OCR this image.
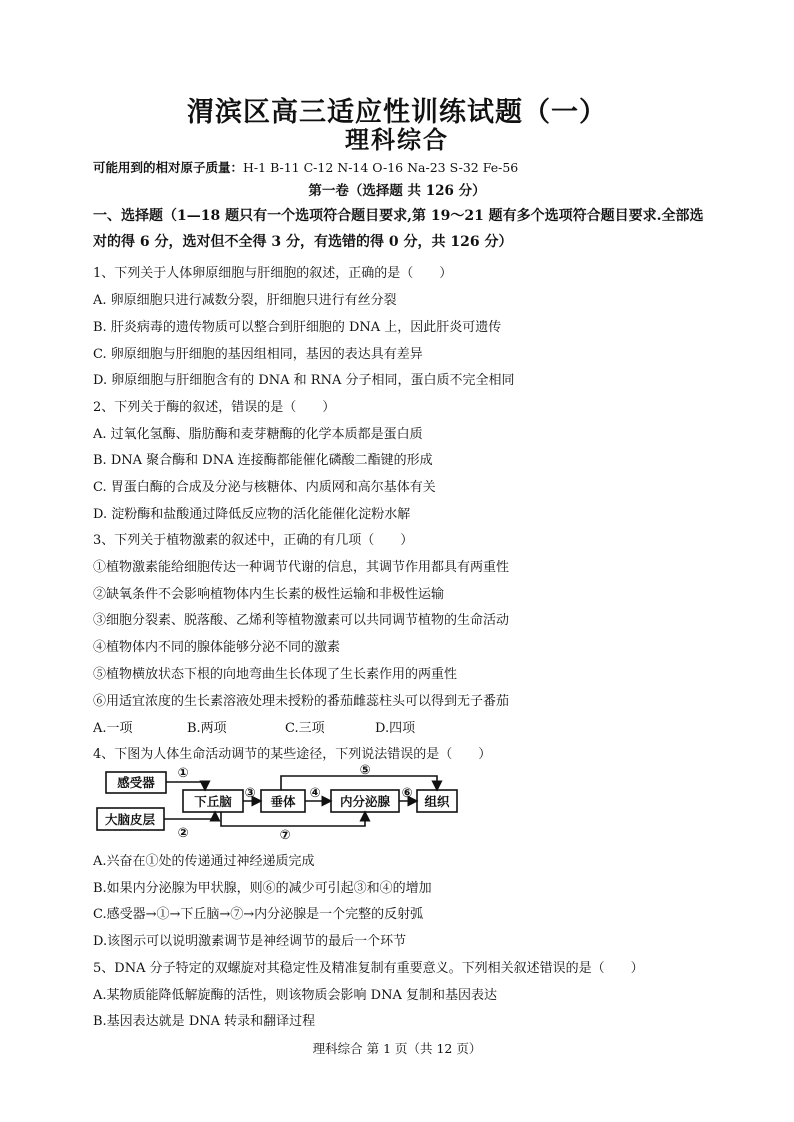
渭滨区高三适应性训练试题（一）
理科综合
可能用到的相对原子质量：H-1 B-11 C-12 N-14 O-16 Na-23 S-32 Fe-56
第一卷（选择题 共 126 分）
一、选择题（1—18 题只有一个选项符合题目要求,第 19～21 题有多个选项符合题目要求.全部选对的得 6 分，选对但不全得 3 分，有选错的得 0 分，共 126 分）
1、下列关于人体卵原细胞与肝细胞的叙述，正确的是（　　）
A. 卵原细胞只进行减数分裂，肝细胞只进行有丝分裂
B. 肝炎病毒的遗传物质可以整合到肝细胞的 DNA 上，因此肝炎可遗传
C. 卵原细胞与肝细胞的基因组相同，基因的表达具有差异
D. 卵原细胞与肝细胞含有的 DNA 和 RNA 分子相同，蛋白质不完全相同
2、下列关于酶的叙述，错误的是（　　）
A. 过氧化氢酶、脂肪酶和麦芽糖酶的化学本质都是蛋白质
B. DNA 聚合酶和 DNA 连接酶都能催化磷酸二酯键的形成
C. 胃蛋白酶的合成及分泌与核糖体、内质网和高尔基体有关
D. 淀粉酶和盐酸通过降低反应物的活化能催化淀粉水解
3、下列关于植物激素的叙述中，正确的有几项（　　）
①植物激素能给细胞传达一种调节代谢的信息，其调节作用都具有两重性
②缺氧条件不会影响植物体内生长素的极性运输和非极性运输
③细胞分裂素、脱落酸、乙烯利等植物激素可以共同调节植物的生命活动
④植物体内不同的腺体能够分泌不同的激素
⑤植物横放状态下根的向地弯曲生长体现了生长素作用的两重性
⑥用适宜浓度的生长素溶液处理未授粉的番茄雌蕊柱头可以得到无子番茄
A.一项	B.两项	C.三项	D.四项
4、下图为人体生命活动调节的某些途径，下列说法错误的是（　　）
感受器
大脑皮层
下丘脑	垂体	内分泌腺	组织
①
②
③	④
⑤
⑥
⑦
A.兴奋在①处的传递通过神经递质完成
B.如果内分泌腺为甲状腺，则⑥的减少可引起③和④的增加
C.感受器→①→下丘脑→⑦→内分泌腺是一个完整的反射弧
D.该图示可以说明激素调节是神经调节的最后一个环节
5、DNA 分子特定的双螺旋对其稳定性及精准复制有重要意义。下列相关叙述错误的是（　　）
A.某物质能降低解旋酶的活性，则该物质会影响 DNA 复制和基因表达
B.基因表达就是 DNA 转录和翻译过程
理科综合 第 1 页（共 12 页）
